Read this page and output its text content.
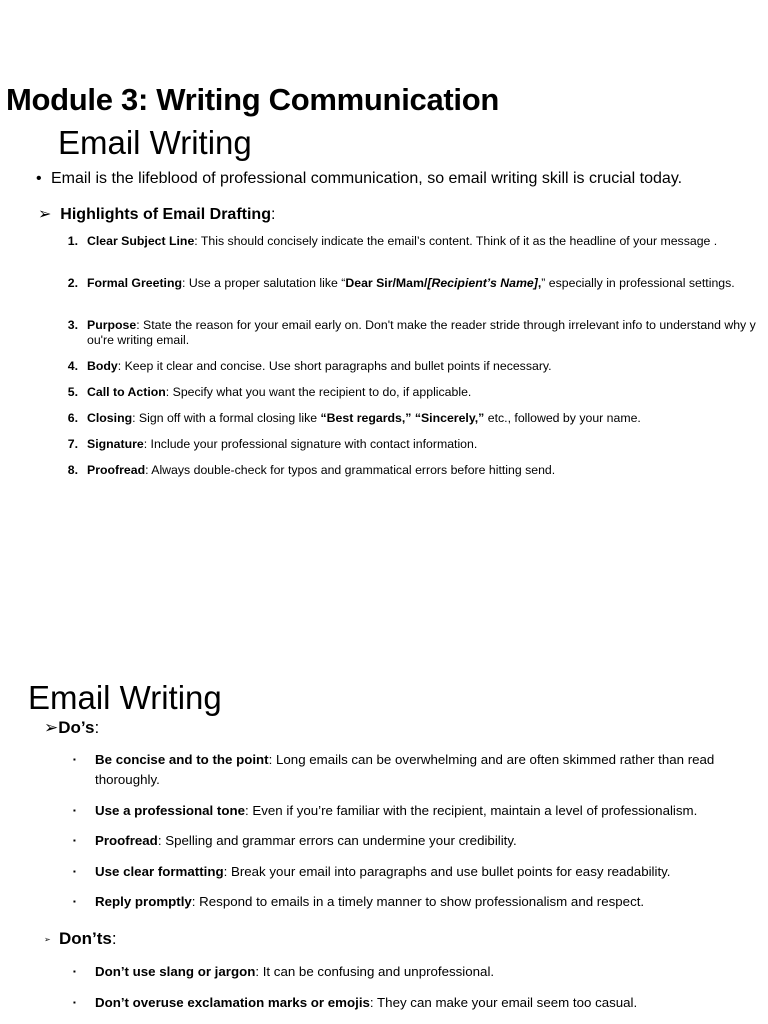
Module 3: Writing Communication
Email Writing
• Email is the lifeblood of professional communication, so email writing skill is crucial today.
➢ Highlights of Email Drafting:
1. Clear Subject Line: This should concisely indicate the email’s content. Think of it as the headline of your message .
2. Formal Greeting: Use a proper salutation like “Dear Sir/Mam/[Recipient’s Name],” especially in professional settings.
3. Purpose: State the reason for your email early on. Don't make the reader stride through irrelevant info to understand why you're writing email.
4. Body: Keep it clear and concise. Use short paragraphs and bullet points if necessary.
5. Call to Action: Specify what you want the recipient to do, if applicable.
6. Closing: Sign off with a formal closing like “Best regards,” “Sincerely,” etc., followed by your name.
7. Signature: Include your professional signature with contact information.
8. Proofread: Always double-check for typos and grammatical errors before hitting send.
Email Writing
➢Do’s:
▪ Be concise and to the point: Long emails can be overwhelming and are often skimmed rather than read thoroughly.
▪ Use a professional tone: Even if you’re familiar with the recipient, maintain a level of professionalism.
▪ Proofread: Spelling and grammar errors can undermine your credibility.
▪ Use clear formatting: Break your email into paragraphs and use bullet points for easy readability.
▪ Reply promptly: Respond to emails in a timely manner to show professionalism and respect.
➢ Don’ts:
▪ Don’t use slang or jargon: It can be confusing and unprofessional.
▪ Don’t overuse exclamation marks or emojis: They can make your email seem too casual.
